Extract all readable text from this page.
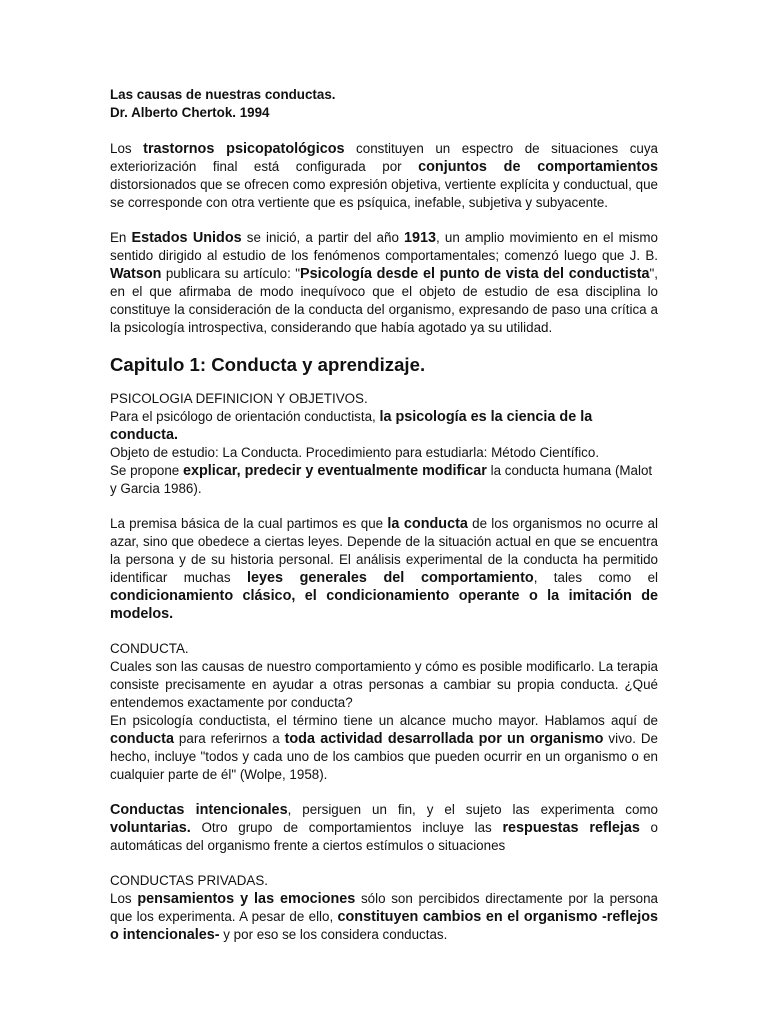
Las causas de nuestras conductas.

Dr. Alberto Chertok. 1994

Los trastornos psicopatológicos constituyen un espectro de situaciones cuya exteriorización final está configurada por conjuntos de comportamientos distorsionados que se ofrecen como expresión objetiva, vertiente explícita y conductual, que se corresponde con otra vertiente que es psíquica, inefable, subjetiva y subyacente.

En Estados Unidos se inició, a partir del año 1913, un amplio movimiento en el mismo sentido dirigido al estudio de los fenómenos comportamentales; comenzó luego que J. B. Watson publicara su artículo: "Psicología desde el punto de vista del conductista", en el que afirmaba de modo inequívoco que el objeto de estudio de esa disciplina lo constituye la consideración de la conducta del organismo, expresando de paso una crítica a la psicología introspectiva, considerando que había agotado ya su utilidad.

Capitulo 1: Conducta y aprendizaje.

PSICOLOGIA DEFINICION Y OBJETIVOS.

Para el psicólogo de orientación conductista, la psicología es la ciencia de la conducta.

Objeto de estudio: La Conducta. Procedimiento para estudiarla: Método Científico.

Se propone explicar, predecir y eventualmente modificar la conducta humana (Malot y Garcia 1986).

La premisa básica de la cual partimos es que la conducta de los organismos no ocurre al azar, sino que obedece a ciertas leyes. Depende de la situación actual en que se encuentra la persona y de su historia personal. El análisis experimental de la conducta ha permitido identificar muchas leyes generales del comportamiento, tales como el condicionamiento clásico, el condicionamiento operante o la imitación de modelos.

CONDUCTA.

Cuales son las causas de nuestro comportamiento y cómo es posible modificarlo. La terapia consiste precisamente en ayudar a otras personas a cambiar su propia conducta. ¿Qué entendemos exactamente por conducta?

En psicología conductista, el término tiene un alcance mucho mayor. Hablamos aquí de conducta para referirnos a toda actividad desarrollada por un organismo vivo. De hecho, incluye "todos y cada uno de los cambios que pueden ocurrir en un organismo o en cualquier parte de él" (Wolpe, 1958).

Conductas intencionales, persiguen un fin, y el sujeto las experimenta como voluntarias. Otro grupo de comportamientos incluye las respuestas reflejas o automáticas del organismo frente a ciertos estímulos o situaciones

CONDUCTAS PRIVADAS.

Los pensamientos y las emociones sólo son percibidos directamente por la persona que los experimenta. A pesar de ello, constituyen cambios en el organismo -reflejos o intencionales- y por eso se los considera conductas.
